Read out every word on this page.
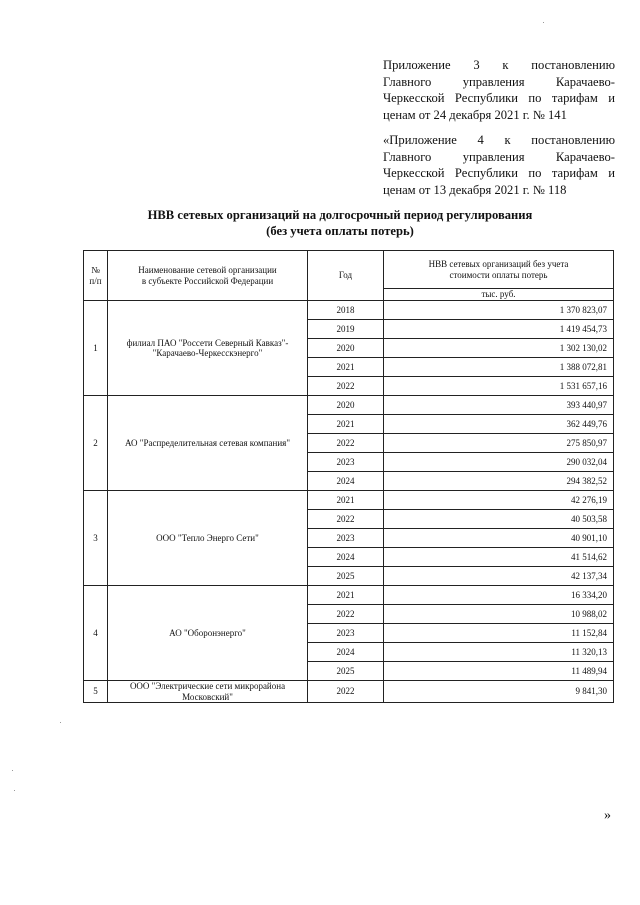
Приложение 3 к постановлению

Главного управления Карачаево-

Черкесской Республики по тарифам и

ценам от 24 декабря 2021 г. № 141

«Приложение 4 к постановлению

Главного управления Карачаево-

Черкесской Республики по тарифам и

ценам от 13 декабря 2021 г. № 118

НВВ сетевых организаций на долгосрочный период регулирования
(без учета оплаты потерь)
№ п/п	Наименование сетевой организации в субъекте Российской Федерации	Год	НВВ сетевых организаций без учета стоимости оплаты потерь
			тыс. руб.
1	филиал ПАО "Россети Северный Кавказ"-"Карачаево-Черкесскэнерго"	2018	1 370 823,07
		2019	1 419 454,73
		2020	1 302 130,02
		2021	1 388 072,81
		2022	1 531 657,16
2	АО "Распределительная сетевая компания"	2020	393 440,97
		2021	362 449,76
		2022	275 850,97
		2023	290 032,04
		2024	294 382,52
3	ООО "Тепло Энерго Сети"	2021	42 276,19
		2022	40 503,58
		2023	40 901,10
		2024	41 514,62
		2025	42 137,34
4	АО "Оборонэнерго"	2021	16 334,20
		2022	10 988,02
		2023	11 152,84
		2024	11 320,13
		2025	11 489,94
5	ООО "Электрические сети микрорайона Московский"	2022	9 841,30
»
